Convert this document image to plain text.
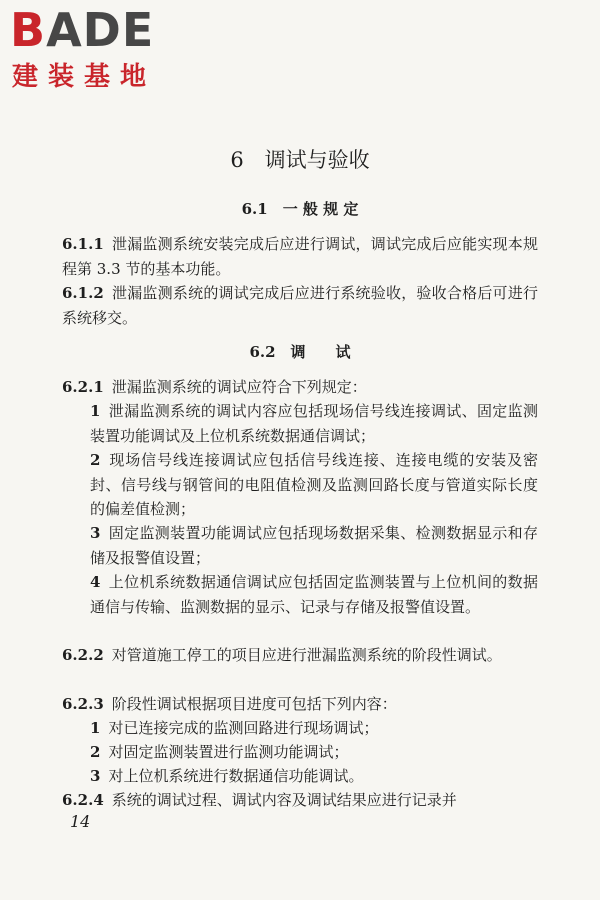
BADE
建装基地
6　调试与验收
6.1　一 般 规 定

6.1.1 泄漏监测系统安装完成后应进行调试，调试完成后应能实现本规程第 3.3 节的基本功能。

6.1.2 泄漏监测系统的调试完成后应进行系统验收，验收合格后可进行系统移交。

6.2　调　　试

6.2.1 泄漏监测系统的调试应符合下列规定：

1 泄漏监测系统的调试内容应包括现场信号线连接调试、固定监测装置功能调试及上位机系统数据通信调试；

2 现场信号线连接调试应包括信号线连接、连接电缆的安装及密封、信号线与钢管间的电阻值检测及监测回路长度与管道实际长度的偏差值检测；

3 固定监测装置功能调试应包括现场数据采集、检测数据显示和存储及报警值设置；

4 上位机系统数据通信调试应包括固定监测装置与上位机间的数据通信与传输、监测数据的显示、记录与存储及报警值设置。

6.2.2 对管道施工停工的项目应进行泄漏监测系统的阶段性调试。

6.2.3 阶段性调试根据项目进度可包括下列内容：

1 对已连接完成的监测回路进行现场调试；

2 对固定监测装置进行监测功能调试；

3 对上位机系统进行数据通信功能调试。

6.2.4 系统的调试过程、调试内容及调试结果应进行记录并

14
